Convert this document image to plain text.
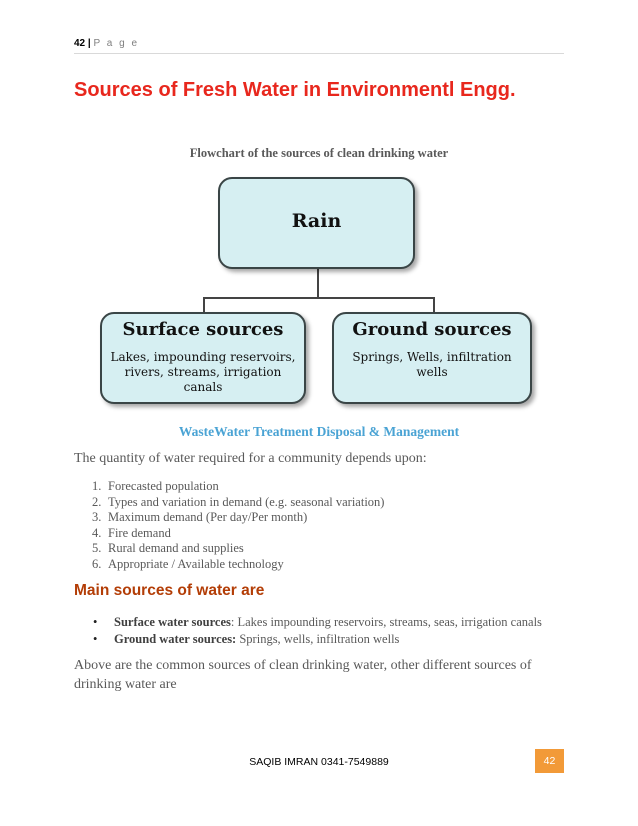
42 | P a g e
Sources of Fresh Water in Environmentl Engg.
Flowchart of the sources of clean drinking water
Rain
Surface sources
Lakes, impounding reservoirs, rivers, streams, irrigation canals
Ground sources
Springs, Wells, infiltration wells
WasteWater Treatment Disposal & Management
The quantity of water required for a community depends upon:
1. Forecasted population
2. Types and variation in demand (e.g. seasonal variation)
3. Maximum demand (Per day/Per month)
4. Fire demand
5. Rural demand and supplies
6. Appropriate / Available technology
Main sources of water are
• Surface water sources: Lakes impounding reservoirs, streams, seas, irrigation canals
• Ground water sources: Springs, wells, infiltration wells
Above are the common sources of clean drinking water, other different sources of drinking water are
SAQIB IMRAN 0341-7549889	42
